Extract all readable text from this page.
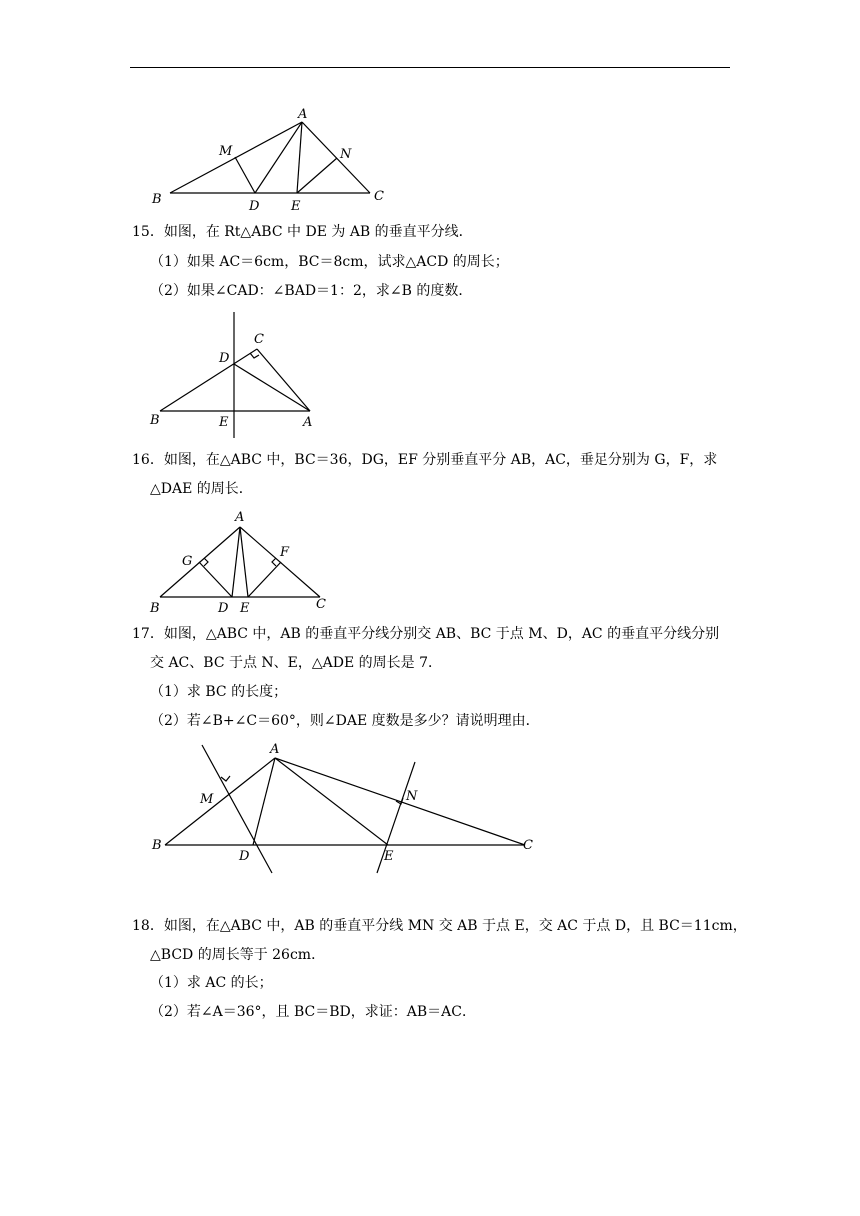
A
B	C
D E
M	N
A
B
C
D
E
A
B	C
D E
F
G
A
B	C
D	E
M	N
15．如图，在 Rt△ABC 中 DE 为 AB 的垂直平分线．
（1）如果 AC＝6cm，BC＝8cm，试求△ACD 的周长；
（2）如果∠CAD：∠BAD＝1：2，求∠B 的度数．
16．如图，在△ABC 中，BC＝36，DG，EF 分别垂直平分 AB，AC，垂足分别为 G，F，求
△DAE 的周长．
17．如图，△ABC 中，AB 的垂直平分线分别交 AB、BC 于点 M、D，AC 的垂直平分线分别
交 AC、BC 于点 N、E，△ADE 的周长是 7．
（1）求 BC 的长度；
（2）若∠B+∠C＝60°，则∠DAE 度数是多少？请说明理由．
18．如图，在△ABC 中，AB 的垂直平分线 MN 交 AB 于点 E，交 AC 于点 D，且 BC＝11cm，
△BCD 的周长等于 26cm．
（1）求 AC 的长；
（2）若∠A＝36°，且 BC＝BD，求证：AB＝AC．
